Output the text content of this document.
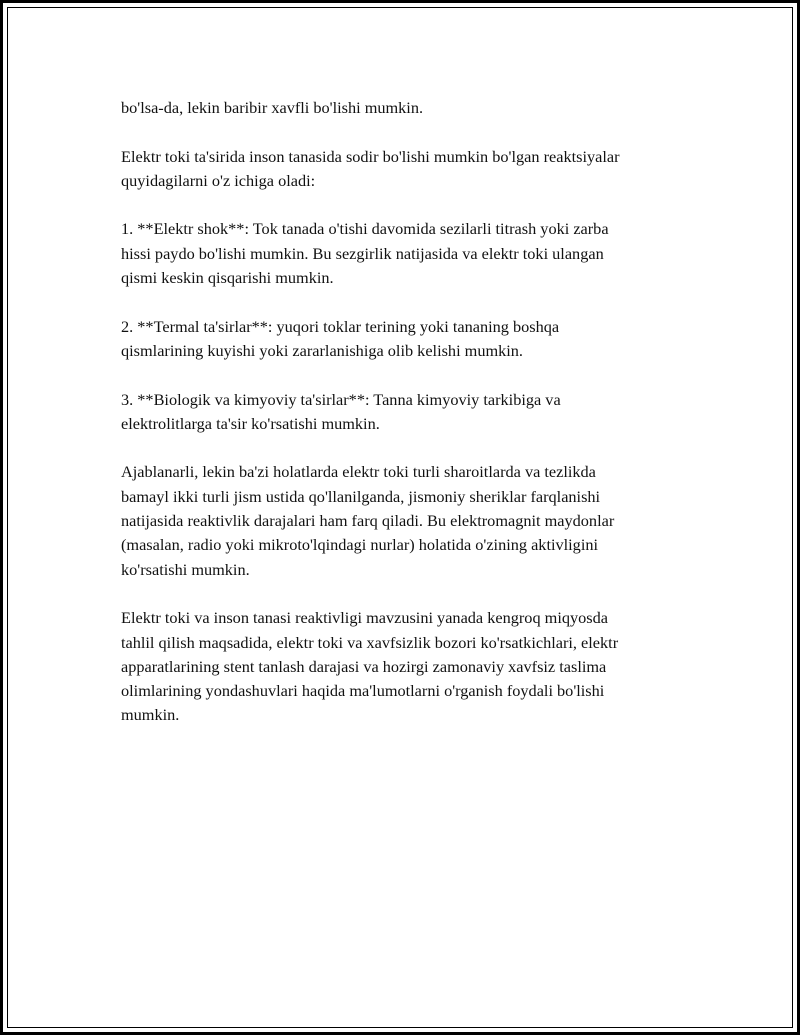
bo'lsa-da, lekin baribir xavfli bo'lishi mumkin.

Elektr toki ta'sirida inson tanasida sodir bo'lishi mumkin bo'lgan reaktsiyalar
quyidagilarni o'z ichiga oladi:

1. **Elektr shok**: Tok tanada o'tishi davomida sezilarli titrash yoki zarba
hissi paydo bo'lishi mumkin. Bu sezgirlik natijasida va elektr toki ulangan
qismi keskin qisqarishi mumkin.

2. **Termal ta'sirlar**: yuqori toklar terining yoki tananing boshqa
qismlarining kuyishi yoki zararlanishiga olib kelishi mumkin.

3. **Biologik va kimyoviy ta'sirlar**: Tanna kimyoviy tarkibiga va
elektrolitlarga ta'sir ko'rsatishi mumkin.

Ajablanarli, lekin ba'zi holatlarda elektr toki turli sharoitlarda va tezlikda
bamayl ikki turli jism ustida qo'llanilganda, jismoniy sheriklar farqlanishi
natijasida reaktivlik darajalari ham farq qiladi. Bu elektromagnit maydonlar
(masalan, radio yoki mikroto'lqindagi nurlar) holatida o'zining aktivligini
ko'rsatishi mumkin.

Elektr toki va inson tanasi reaktivligi mavzusini yanada kengroq miqyosda
tahlil qilish maqsadida, elektr toki va xavfsizlik bozori ko'rsatkichlari, elektr
apparatlarining stent tanlash darajasi va hozirgi zamonaviy xavfsiz taslima
olimlarining yondashuvlari haqida ma'lumotlarni o'rganish foydali bo'lishi
mumkin.
